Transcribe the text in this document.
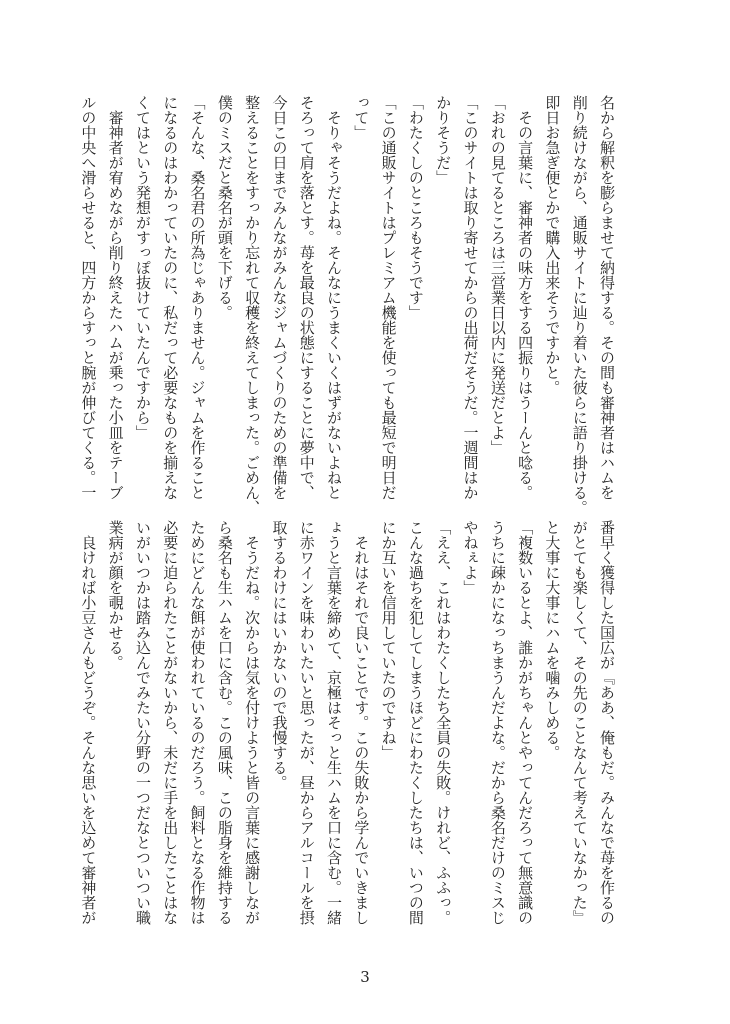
名から解釈を膨らませて納得する。その間も審神者はハムを
削り続けながら、通販サイトに辿り着いた彼らに語り掛ける。
即日お急ぎ便とかで購入出来そうですかと。
　その言葉に、審神者の味方をする四振りはうーんと唸る。
「おれの見てるところは三営業日以内に発送だとよ」
「このサイトは取り寄せてからの出荷だそうだ。一週間はか
かりそうだ」
「わたくしのところもそうです」
「この通販サイトはプレミアム機能を使っても最短で明日だ
って」
　そりゃそうだよね。そんなにうまくいくはずがないよねと
そろって肩を落とす。苺を最良の状態にすることに夢中で、
今日この日までみんながみんなジャムづくりのための準備を
整えることをすっかり忘れて収穫を終えてしまった。ごめん、
僕のミスだと桑名が頭を下げる。
「そんな、桑名君の所為じゃありません。ジャムを作ること
になるのはわかっていたのに、私だって必要なものを揃えな
くてはという発想がすっぽ抜けていたんですから」
　審神者が宥めながら削り終えたハムが乗った小皿をテーブ
ルの中央へ滑らせると、四方からすっと腕が伸びてくる。一
番早く獲得した国広が『ああ、俺もだ。みんなで苺を作るの
がとても楽しくて、その先のことなんて考えていなかった』
と大事に大事にハムを噛みしめる。
「複数いるとよ、誰かがちゃんとやってんだろって無意識の
うちに疎かになっちまうんだよな。だから桑名だけのミスじ
やねぇよ」
「ええ、これはわたくしたち全員の失敗。けれど、ふふっ。
こんな過ちを犯してしまうほどにわたくしたちは、いつの間
にか互いを信用していたのですね」
　それはそれで良いことです。この失敗から学んでいきまし
ょうと言葉を締めて、京極はそっと生ハムを口に含む。一緒
に赤ワインを味わいたいと思ったが、昼からアルコールを摂
取するわけにはいかないので我慢する。
　そうだね。次からは気を付けようと皆の言葉に感謝しなが
ら桑名も生ハムを口に含む。この風味、この脂身を維持する
ためにどんな餌が使われているのだろう。飼料となる作物は
必要に迫られたことがないから、未だに手を出したことはな
いがいつかは踏み込んでみたい分野の一つだなとついつい職
業病が顔を覗かせる。
　良ければ小豆さんもどうぞ。そんな思いを込めて審神者が
3
